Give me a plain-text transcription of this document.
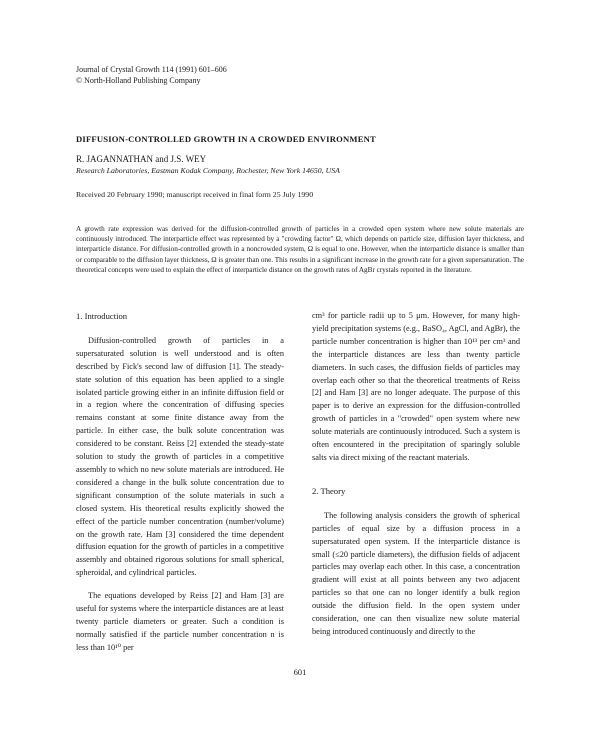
Journal of Crystal Growth 114 (1991) 601–606
© North-Holland Publishing Company
DIFFUSION-CONTROLLED GROWTH IN A CROWDED ENVIRONMENT
R. JAGANNATHAN and J.S. WEY
Research Laboratories, Eastman Kodak Company, Rochester, New York 14650, USA
Received 20 February 1990; manuscript received in final form 25 July 1990
A growth rate expression was derived for the diffusion-controlled growth of particles in a crowded open system where new solute materials are continuously introduced. The interparticle effect was represented by a "crowding factor" Ω, which depends on particle size, diffusion layer thickness, and interparticle distance. For diffusion-controlled growth in a noncrowded system, Ω is equal to one. However, when the interparticle distance is smaller than or comparable to the diffusion layer thickness, Ω is greater than one. This results in a significant increase in the growth rate for a given supersaturation. The theoretical concepts were used to explain the effect of interparticle distance on the growth rates of AgBr crystals reported in the literature.
1. Introduction

Diffusion-controlled growth of particles in a supersaturated solution is well understood and is often described by Fick's second law of diffusion [1]. The steady-state solution of this equation has been applied to a single isolated particle growing either in an infinite diffusion field or in a region where the concentration of diffusing species remains constant at some finite distance away from the particle. In either case, the bulk solute concentration was considered to be constant. Reiss [2] extended the steady-state solution to study the growth of particles in a competitive assembly to which no new solute materials are introduced. He considered a change in the bulk solute concentration due to significant consumption of the solute materials in such a closed system. His theoretical results explicitly showed the effect of the particle number concentration (number/volume) on the growth rate. Ham [3] considered the time dependent diffusion equation for the growth of particles in a competitive assembly and obtained rigorous solutions for small spherical, spheroidal, and cylindrical particles.

The equations developed by Reiss [2] and Ham [3] are useful for systems where the interparticle distances are at least twenty particle diameters or greater. Such a condition is normally satisfied if the particle number concentration n is less than 10¹⁰ per

cm³ for particle radii up to 5 μm. However, for many high-yield precipitation systems (e.g., BaSO₄, AgCl, and AgBr), the particle number concentration is higher than 10¹³ per cm³ and the interparticle distances are less than twenty particle diameters. In such cases, the diffusion fields of particles may overlap each other so that the theoretical treatments of Reiss [2] and Ham [3] are no longer adequate. The purpose of this paper is to derive an expression for the diffusion-controlled growth of particles in a "crowded" open system where new solute materials are continuously introduced. Such a system is often encountered in the precipitation of sparingly soluble salts via direct mixing of the reactant materials.

2. Theory

The following analysis considers the growth of spherical particles of equal size by a diffusion process in a supersaturated open system. If the interparticle distance is small (≤20 particle diameters), the diffusion fields of adjacent particles may overlap each other. In this case, a concentration gradient will exist at all points between any two adjacent particles so that one can no longer identify a bulk region outside the diffusion field. In the open system under consideration, one can then visualize new solute material being introduced continuously and directly to the

601
